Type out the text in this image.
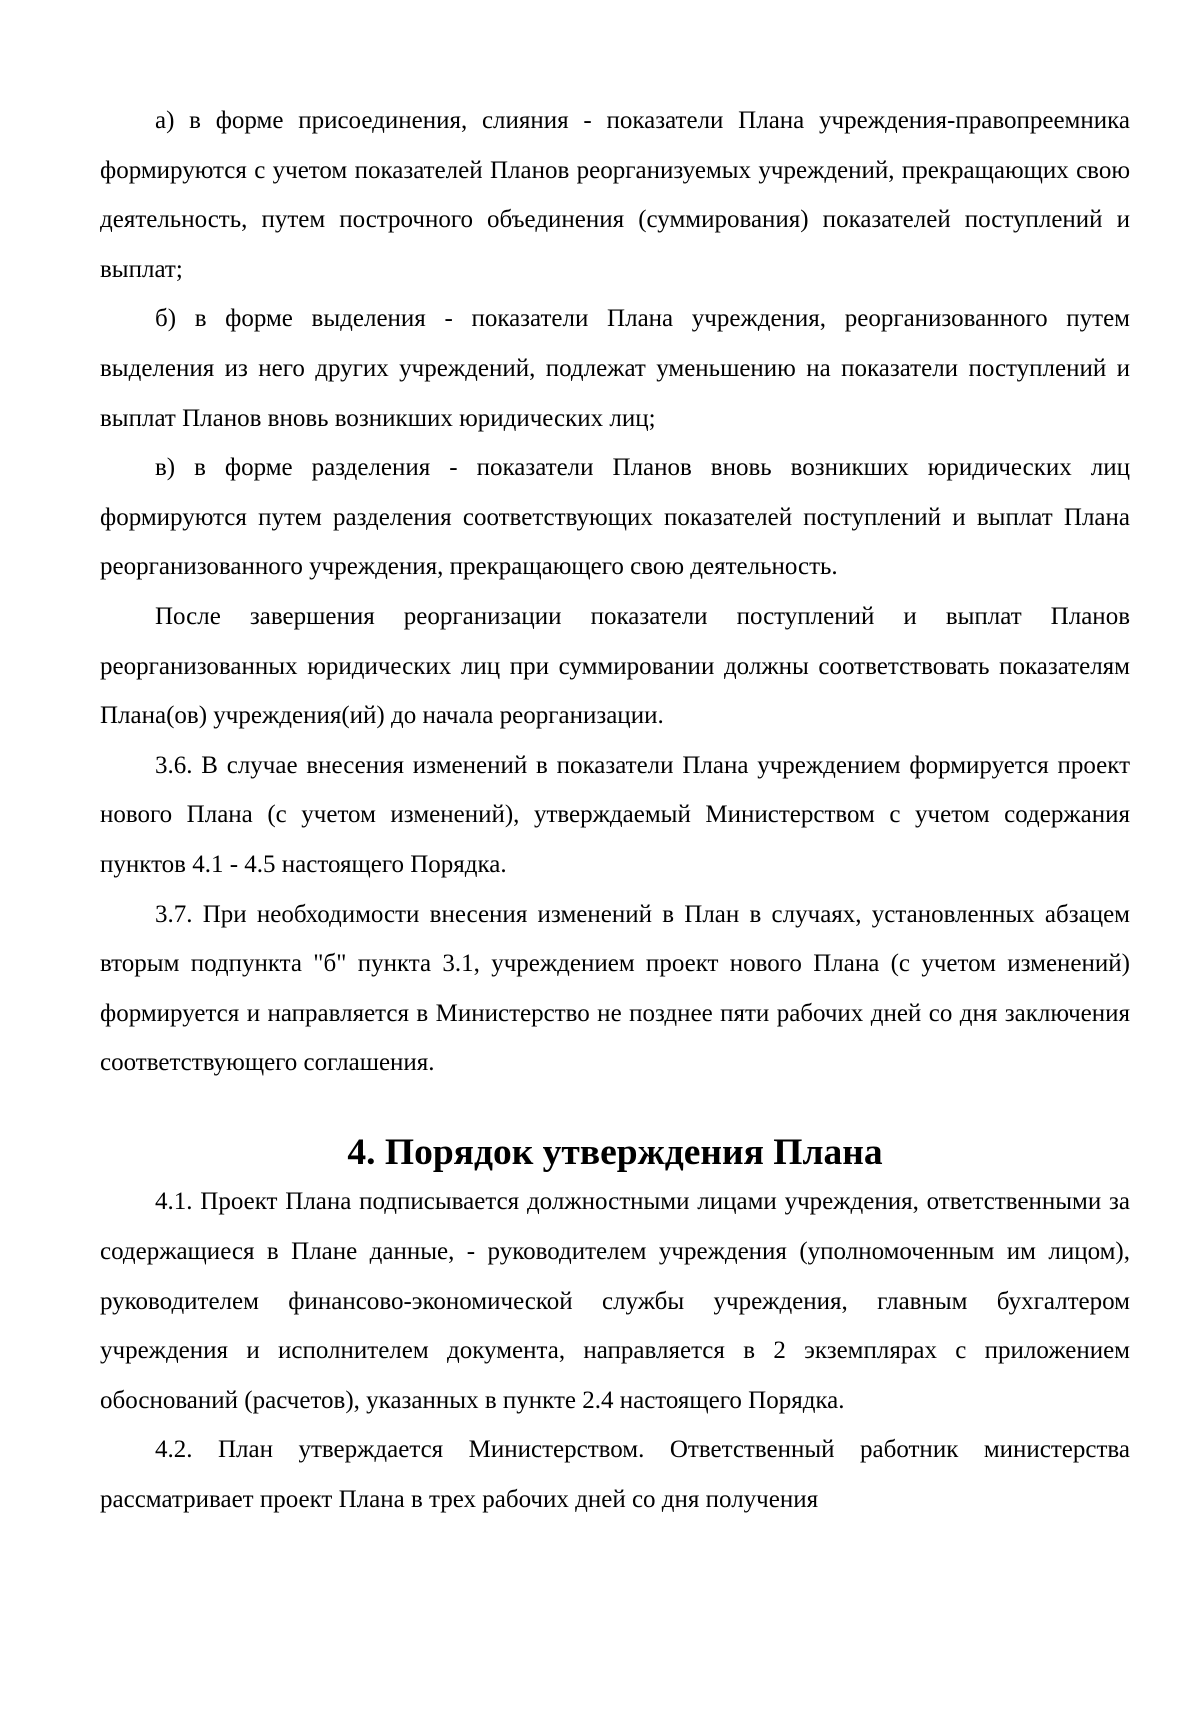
а) в форме присоединения, слияния - показатели Плана учреждения-правопреемника формируются с учетом показателей Планов реорганизуемых учреждений, прекращающих свою деятельность, путем построчного объединения (суммирования) показателей поступлений и выплат;

б) в форме выделения - показатели Плана учреждения, реорганизованного путем выделения из него других учреждений, подлежат уменьшению на показатели поступлений и выплат Планов вновь возникших юридических лиц;

в) в форме разделения - показатели Планов вновь возникших юридических лиц формируются путем разделения соответствующих показателей поступлений и выплат Плана реорганизованного учреждения, прекращающего свою деятельность.

После завершения реорганизации показатели поступлений и выплат Планов реорганизованных юридических лиц при суммировании должны соответствовать показателям Плана(ов) учреждения(ий) до начала реорганизации.

3.6. В случае внесения изменений в показатели Плана учреждением формируется проект нового Плана (с учетом изменений), утверждаемый Министерством с учетом содержания пунктов 4.1 - 4.5 настоящего Порядка.

3.7. При необходимости внесения изменений в План в случаях, установленных абзацем вторым подпункта "б" пункта 3.1, учреждением проект нового Плана (с учетом изменений) формируется и направляется в Министерство не позднее пяти рабочих дней со дня заключения соответствующего соглашения.

4. Порядок утверждения Плана

4.1. Проект Плана подписывается должностными лицами учреждения, ответственными за содержащиеся в Плане данные, - руководителем учреждения (уполномоченным им лицом), руководителем финансово-экономической службы учреждения, главным бухгалтером учреждения и исполнителем документа, направляется в 2 экземплярах с приложением обоснований (расчетов), указанных в пункте 2.4 настоящего Порядка.

4.2. План утверждается Министерством. Ответственный работник министерства рассматривает проект Плана в трех рабочих дней со дня получения
